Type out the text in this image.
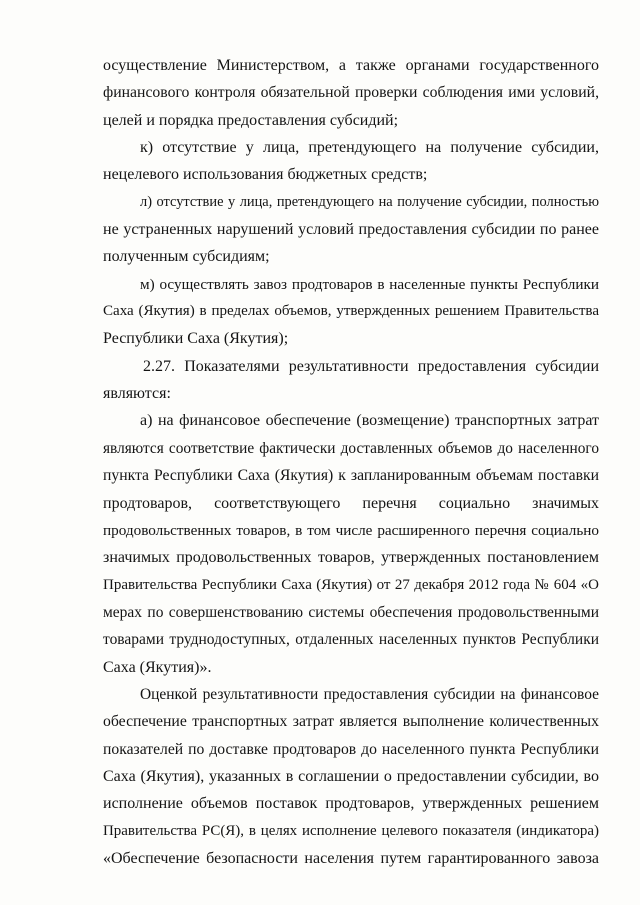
осуществление Министерством, а также органами государственного
финансового контроля обязательной проверки соблюдения ими условий,
целей и порядка предоставления субсидий;
к) отсутствие у лица, претендующего на получение субсидии,
нецелевого использования бюджетных средств;
л) отсутствие у лица, претендующего на получение субсидии, полностью
не устраненных нарушений условий предоставления субсидии по ранее
полученным субсидиям;
м) осуществлять завоз продтоваров в населенные пункты Республики
Саха (Якутия) в пределах объемов, утвержденных решением Правительства
Республики Саха (Якутия);
2.27. Показателями результативности предоставления субсидии
являются:
а) на финансовое обеспечение (возмещение) транспортных затрат
являются соответствие фактически доставленных объемов до населенного
пункта Республики Саха (Якутия) к запланированным объемам поставки
продтоваров, соответствующего перечня социально значимых
продовольственных товаров, в том числе расширенного перечня социально
значимых продовольственных товаров, утвержденных постановлением
Правительства Республики Саха (Якутия) от 27 декабря 2012 года № 604 «О
мерах по совершенствованию системы обеспечения продовольственными
товарами труднодоступных, отдаленных населенных пунктов Республики
Саха (Якутия)».
Оценкой результативности предоставления субсидии на финансовое
обеспечение транспортных затрат является выполнение количественных
показателей по доставке продтоваров до населенного пункта Республики
Саха (Якутия), указанных в соглашении о предоставлении субсидии, во
исполнение объемов поставок продтоваров, утвержденных решением
Правительства РС(Я), в целях исполнение целевого показателя (индикатора)
«Обеспечение безопасности населения путем гарантированного завоза
